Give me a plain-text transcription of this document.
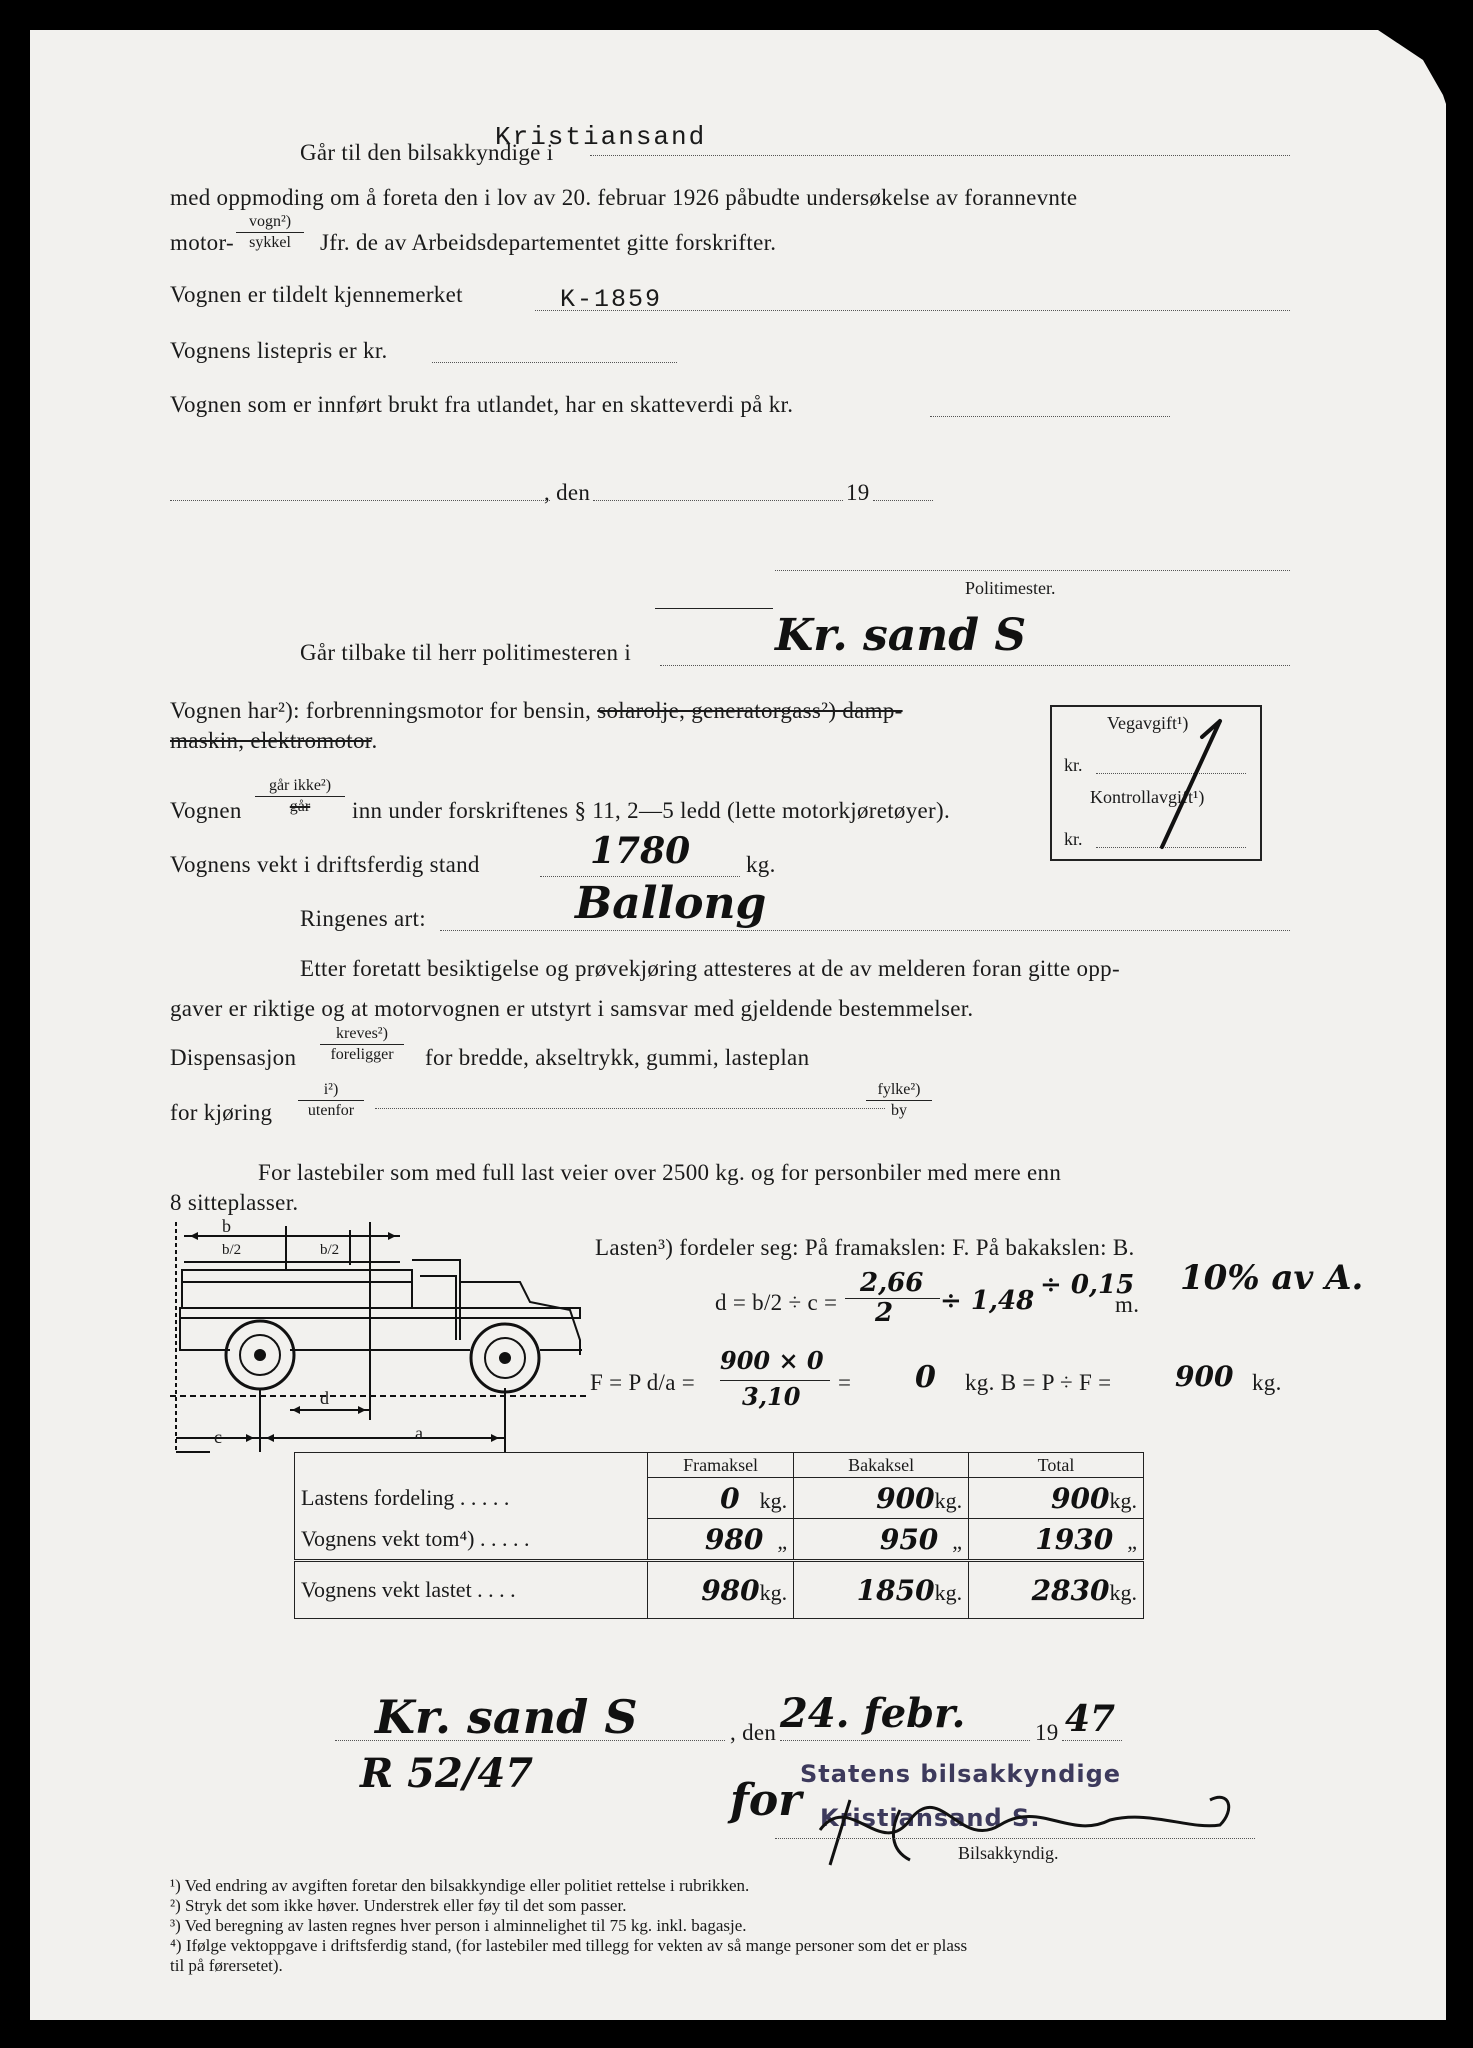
Går til den bilsakkyndige i
Kristiansand
med oppmoding om å foreta den i lov av 20. februar 1926 påbudte undersøkelse av forannevnte
motor-
vogn²)
sykkel	Jfr. de av Arbeidsdepartementet gitte forskrifter.
Vognen er tildelt kjennemerket	K-1859
Vognens listepris er kr.
Vognen som er innført brukt fra utlandet, har en skatteverdi på kr.
, den	19
Politimester.
Går tilbake til herr politimesteren i	Kr. sand S
Vognen har²): forbrenningsmotor for bensin, solarolje, generatorgass²) damp-
maskin, elektromotor.
Vegavgift¹)
kr.
Kontrollavgift¹)
kr.
Vognen
går ikke²)
går	inn under forskriftenes § 11, 2—5 ledd (lette motorkjøretøyer).
Vognens vekt i driftsferdig stand	1780 kg.
Ringenes art:	Ballong
Etter foretatt besiktigelse og prøvekjøring attesteres at de av melderen foran gitte opp-
gaver er riktige og at motorvognen er utstyrt i samsvar med gjeldende bestemmelser.
Dispensasjon
kreves²)
foreligger	for bredde, akseltrykk, gummi, lasteplan
for kjøring
i²)
utenfor
fylke²)
by
For lastebiler som med full last veier over 2500 kg. og for personbiler med mere enn
8 sitteplasser.
b
b/2	b/2
c
d
a
Lasten³) fordeler seg: På framakslen: F. På bakakslen: B.
d = b/2 ÷ c =
2,66
2 ÷ 1,48
÷ 0,15
m.
10% av A.
F = P d/a =
900 × 0
3,10 = 0 kg. B = P ÷ F = 900 kg.
	Framaksel	Bakaksel	Total
Lastens fordeling . . . . .	0 kg.	900kg.	900kg.
Vognens vekt tom⁴) . . . . .	980 „	950 „	1930 „
Vognens vekt lastet . . . .	980kg.	1850kg.	2830kg.
Kr. sand S	, den 24. febr.	19 47
R 52/47
for
Statens bilsakkyndige
Kristiansand S.
Bilsakkyndig.
¹) Ved endring av avgiften foretar den bilsakkyndige eller politiet rettelse i rubrikken.
²) Stryk det som ikke høver. Understrek eller føy til det som passer.
³) Ved beregning av lasten regnes hver person i alminnelighet til 75 kg. inkl. bagasje.
⁴) Ifølge vektoppgave i driftsferdig stand, (for lastebiler med tillegg for vekten av så mange personer som det er plass
til på førersetet).
